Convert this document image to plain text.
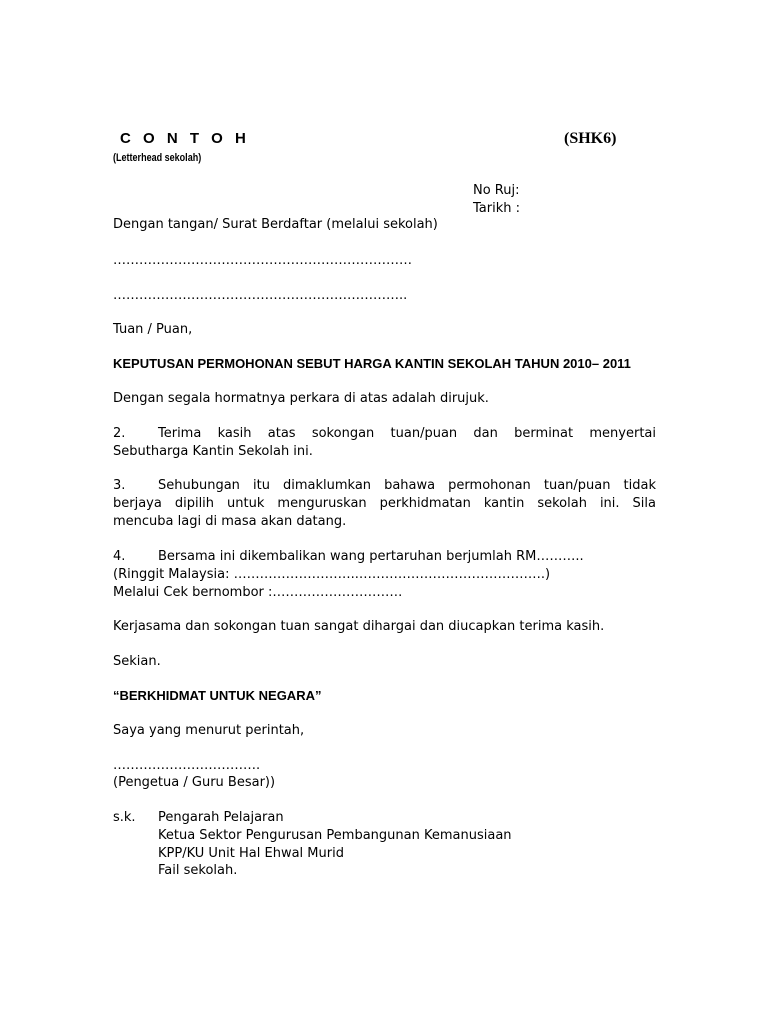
C O N T O H
(Letterhead sekolah)
(SHK6)
No Ruj:
Tarikh :
Dengan tangan/ Surat Berdaftar (melalui sekolah)
……………………………………………………………
…………………………………………………………..
Tuan / Puan,
KEPUTUSAN PERMOHONAN SEBUT HARGA KANTIN SEKOLAH TAHUN 2010– 2011
Dengan segala hormatnya perkara di atas adalah dirujuk.
2.	Terima kasih atas sokongan tuan/puan dan berminat menyertai
Sebutharga Kantin Sekolah ini.
3.	Sehubungan itu dimaklumkan bahawa permohonan tuan/puan tidak
berjaya dipilih untuk menguruskan perkhidmatan kantin sekolah ini. Sila
mencuba lagi di masa akan datang.
4.	Bersama ini dikembalikan wang pertaruhan berjumlah RM………..
(Ringgit Malaysia: ………………………..…………………………………….)
Melalui Cek bernombor :…………………………
Kerjasama dan sokongan tuan sangat dihargai dan diucapkan terima kasih.
Sekian.
“BERKHIDMAT UNTUK NEGARA”
Saya yang menurut perintah,
…………………………….
(Pengetua / Guru Besar))
s.k. Pengarah Pelajaran
Ketua Sektor Pengurusan Pembangunan Kemanusiaan
KPP/KU Unit Hal Ehwal Murid
Fail sekolah.
